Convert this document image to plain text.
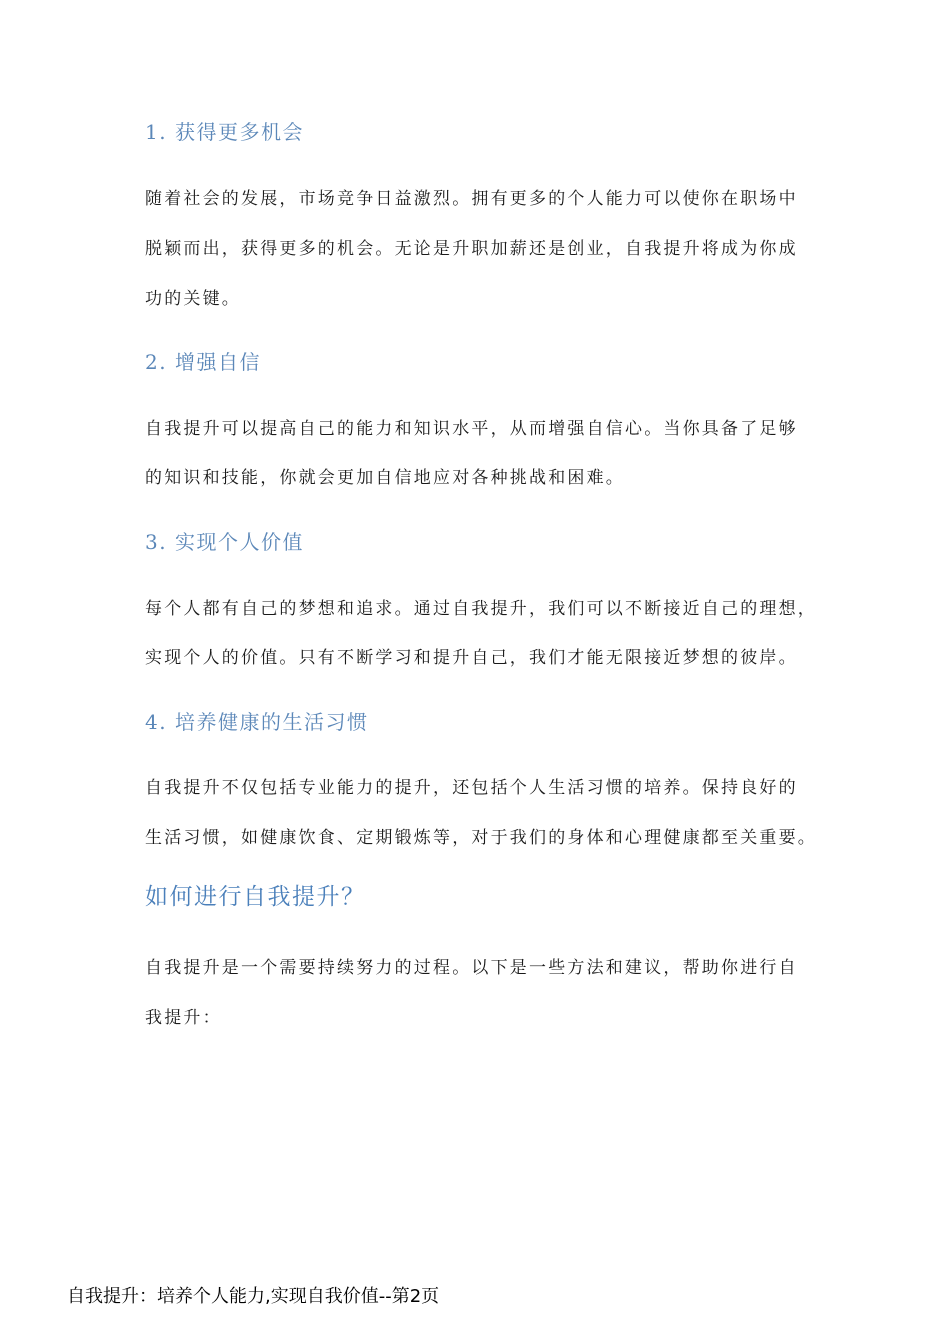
1. 获得更多机会
随着社会的发展，市场竞争日益激烈。拥有更多的个人能力可以使你在职场中
脱颖而出，获得更多的机会。无论是升职加薪还是创业，自我提升将成为你成
功的关键。
2. 增强自信
自我提升可以提高自己的能力和知识水平，从而增强自信心。当你具备了足够
的知识和技能，你就会更加自信地应对各种挑战和困难。
3. 实现个人价值
每个人都有自己的梦想和追求。通过自我提升，我们可以不断接近自己的理想，
实现个人的价值。只有不断学习和提升自己，我们才能无限接近梦想的彼岸。
4. 培养健康的生活习惯
自我提升不仅包括专业能力的提升，还包括个人生活习惯的培养。保持良好的
生活习惯，如健康饮食、定期锻炼等，对于我们的身体和心理健康都至关重要。
如何进行自我提升？
自我提升是一个需要持续努力的过程。以下是一些方法和建议，帮助你进行自
我提升：
自我提升：培养个人能力,实现自我价值--第2页
